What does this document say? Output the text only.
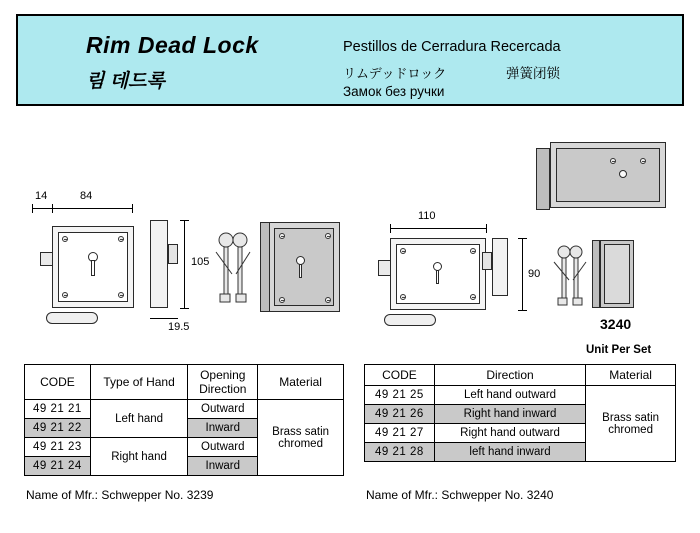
Rim Dead Lock
림 데드록
Pestillos de Cerradura Recercada
リムデッドロック	弹簧闭锁
Замок без ручки
14	84
105
19.5
110
90
3240
Unit Per Set
CODE	Type of Hand	Opening Direction	Material
49 21 21	Left hand	Outward	Brass satin chromed
49 21 22		Inward	
49 21 23	Right hand	Outward	
49 21 24		Inward	
Name of Mfr.: Schwepper No. 3239
CODE	Direction	Material
49 21 25	Left hand outward	Brass satin chromed
49 21 26	Right hand inward	
49 21 27	Right hand outward	
49 21 28	left hand inward	
Name of Mfr.: Schwepper No. 3240
